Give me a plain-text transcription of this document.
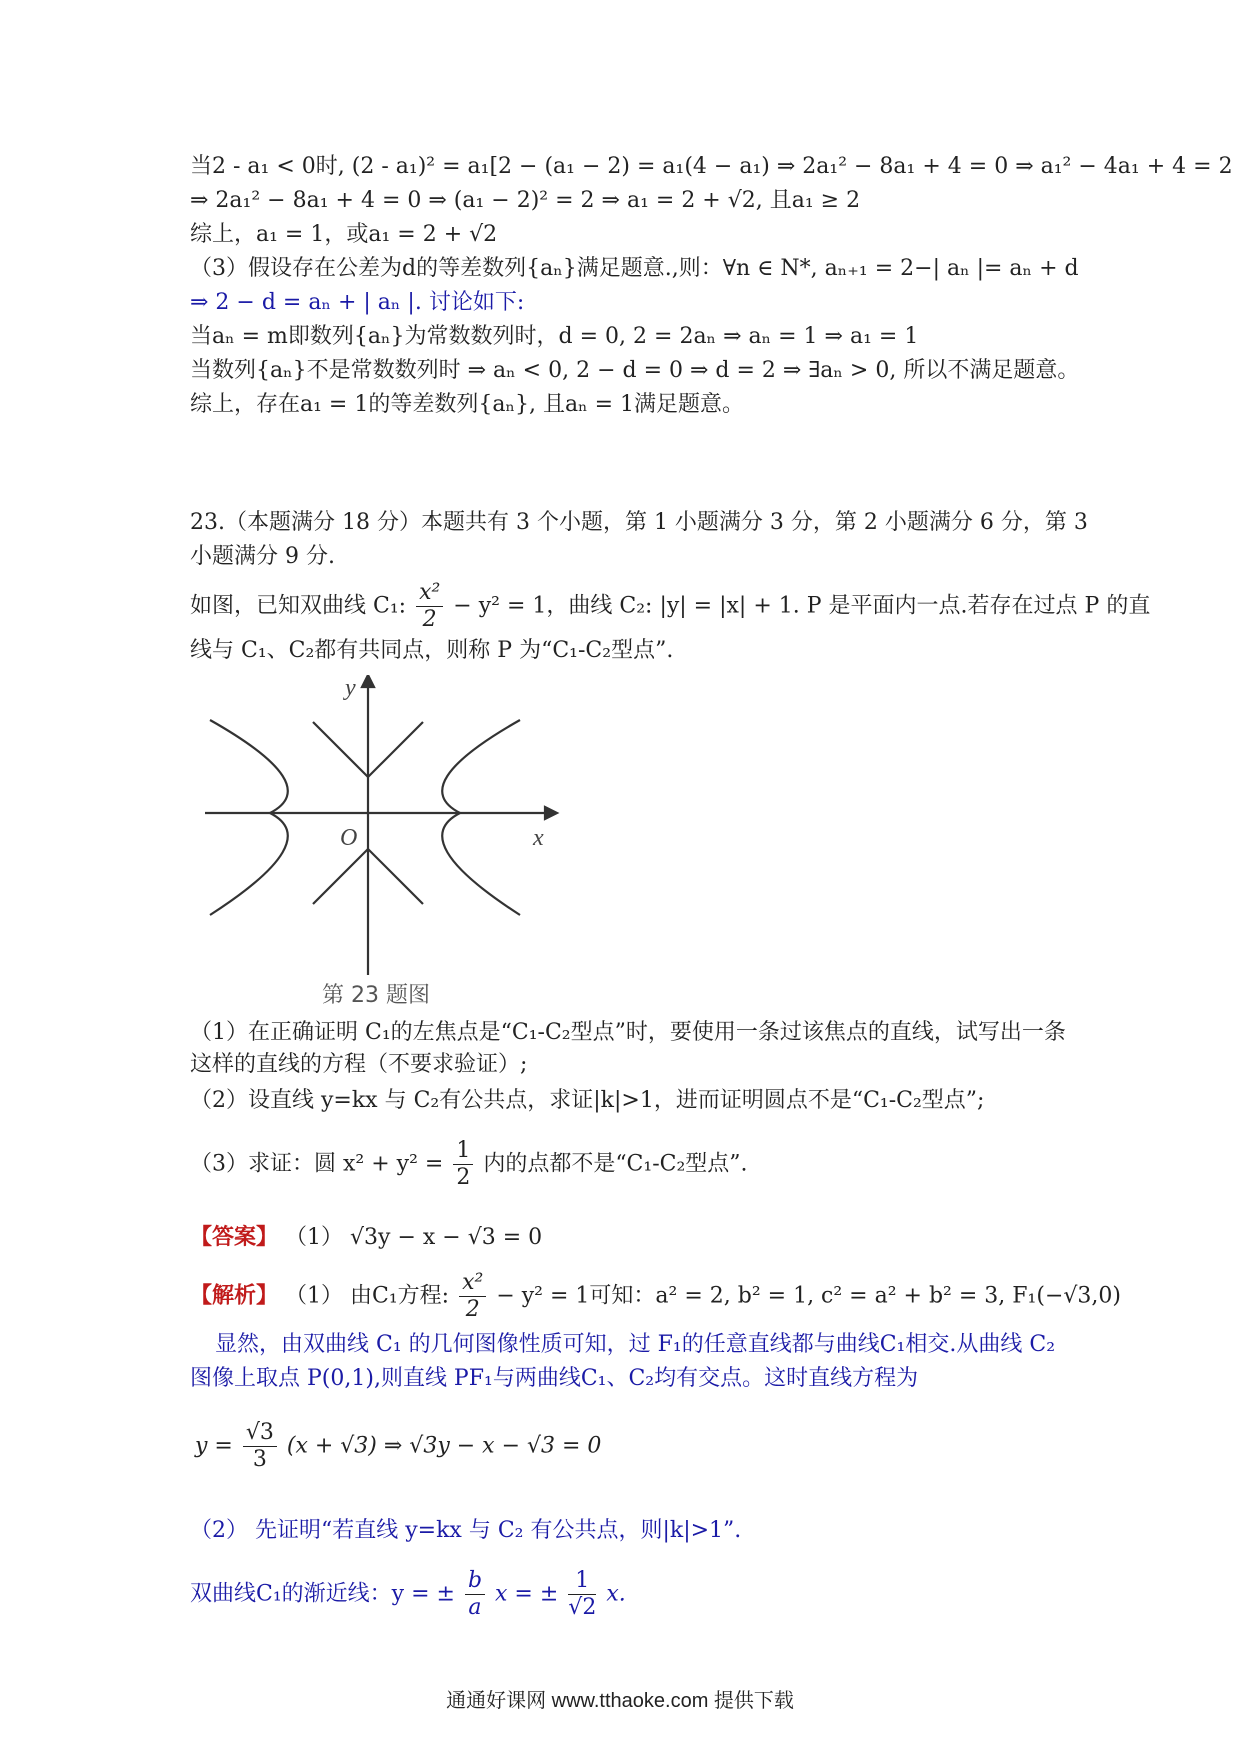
当2 - a₁ < 0时, (2 - a₁)² = a₁[2 − (a₁ − 2) = a₁(4 − a₁) ⇒ 2a₁² − 8a₁ + 4 = 0 ⇒ a₁² − 4a₁ + 4 = 2
⇒ 2a₁² − 8a₁ + 4 = 0 ⇒ (a₁ − 2)² = 2 ⇒ a₁ = 2 + √2, 且a₁ ≥ 2
综上，a₁ = 1，或a₁ = 2 + √2
（3）假设存在公差为d的等差数列{aₙ}满足题意.,则：∀n ∈ N*, aₙ₊₁ = 2−| aₙ |= aₙ + d
⇒ 2 − d = aₙ + | aₙ |. 讨论如下:
当aₙ = m即数列{aₙ}为常数数列时，d = 0, 2 = 2aₙ ⇒ aₙ = 1 ⇒ a₁ = 1
当数列{aₙ}不是常数数列时 ⇒ aₙ < 0, 2 − d = 0 ⇒ d = 2 ⇒ ∃aₙ > 0, 所以不满足题意。
综上，存在a₁ = 1的等差数列{aₙ}, 且aₙ = 1满足题意。
23.（本题满分 18 分）本题共有 3 个小题，第 1 小题满分 3 分，第 2 小题满分 6 分，第 3
小题满分 9 分.
如图，已知双曲线 C₁: $\frac{\text{x²}}{2} - y^2 = 1$，曲线 C₂: |y| = |x| + 1. P 是平面内一点.若存在过点 P 的直
线与 C₁、C₂都有共同点，则称 P 为“C₁-C₂型点”.
y
x
O
第 23 题图
（1）在正确证明 C₁的左焦点是“C₁-C₂型点”时，要使用一条过该焦点的直线，试写出一条
这样的直线的方程（不要求验证）;
（2）设直线 y=kx 与 C₂有公共点，求证|k|>1，进而证明圆点不是“C₁-C₂型点”;
（3）求证：圆 $x^2 + y^2 = \frac{1}{2}$ 内的点都不是“C₁-C₂型点”.
【答案】 （1） √3y − x − √3 = 0
【解析】 （1） 由C₁方程: $\frac{\text{x²}}{2} - y^2 = 1$可知：a² = 2, b² = 1, c² = a² + b² = 3, F₁(−√3,0)
显然，由双曲线 C₁ 的几何图像性质可知，过 F₁的任意直线都与曲线C₁相交.从曲线 C₂
图像上取点 P(0,1),则直线 PF₁与两曲线C₁、C₂均有交点。这时直线方程为
$y = \frac{√3}{3} (x + √3)$ ⇒ √3y − x − √3 = 0
（2） 先证明“若直线 y=kx 与 C₂ 有公共点，则|k|>1”.
双曲线C₁的渐近线：y = ± $\frac{b}{a}$ x = ± $\frac{1}{√2} x$.
通通好课网 www.tthaoke.com 提供下载
